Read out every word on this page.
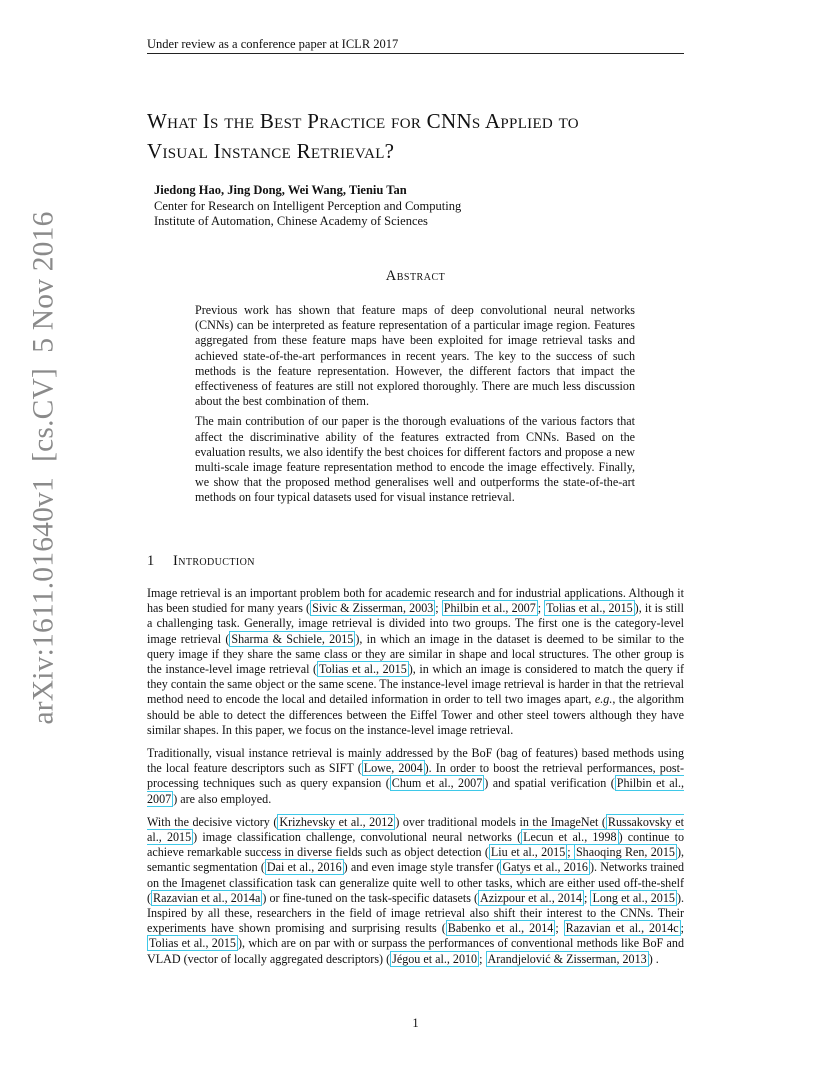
Under review as a conference paper at ICLR 2017
arXiv:1611.01640v1  [cs.CV]  5 Nov 2016
What Is the Best Practice for CNNs Applied to
Visual Instance Retrieval?
Jiedong Hao, Jing Dong, Wei Wang, Tieniu Tan
Center for Research on Intelligent Perception and Computing
Institute of Automation, Chinese Academy of Sciences
Abstract

Previous work has shown that feature maps of deep convolutional neural networks (CNNs) can be interpreted as feature representation of a particular image region. Features aggregated from these feature maps have been exploited for image retrieval tasks and achieved state-of-the-art performances in recent years. The key to the success of such methods is the feature representation. However, the different factors that impact the effectiveness of features are still not explored thoroughly. There are much less discussion about the best combination of them.

The main contribution of our paper is the thorough evaluations of the various factors that affect the discriminative ability of the features extracted from CNNs. Based on the evaluation results, we also identify the best choices for different factors and propose a new multi-scale image feature representation method to encode the image effectively. Finally, we show that the proposed method generalises well and outperforms the state-of-the-art methods on four typical datasets used for visual instance retrieval.

1 Introduction

Image retrieval is an important problem both for academic research and for industrial applications. Although it has been studied for many years ( Sivic & Zisserman, 2003 ; Philbin et al., 2007 ; Tolias et al., 2015 ), it is still a challenging task. Generally, image retrieval is divided into two groups. The first one is the category-level image retrieval ( Sharma & Schiele, 2015 ), in which an image in the dataset is deemed to be similar to the query image if they share the same class or they are similar in shape and local structures. The other group is the instance-level image retrieval ( Tolias et al., 2015 ), in which an image is considered to match the query if they contain the same object or the same scene. The instance-level image retrieval is harder in that the retrieval method need to encode the local and detailed information in order to tell two images apart, e.g., the algorithm should be able to detect the differences between the Eiffel Tower and other steel towers although they have similar shapes. In this paper, we focus on the instance-level image retrieval.

Traditionally, visual instance retrieval is mainly addressed by the BoF (bag of features) based methods using the local feature descriptors such as SIFT ( Lowe, 2004 ). In order to boost the retrieval performances, post-processing techniques such as query expansion ( Chum et al., 2007 ) and spatial verification ( Philbin et al., 2007 ) are also employed.

With the decisive victory ( Krizhevsky et al., 2012 ) over traditional models in the ImageNet ( Russakovsky et al., 2015 ) image classification challenge, convolutional neural networks ( Lecun et al., 1998 ) continue to achieve remarkable success in diverse fields such as object detection ( Liu et al., 2015 ; Shaoqing Ren, 2015 ), semantic segmentation ( Dai et al., 2016 ) and even image style transfer ( Gatys et al., 2016 ). Networks trained on the Imagenet classification task can generalize quite well to other tasks, which are either used off-the-shelf ( Razavian et al., 2014a ) or fine-tuned on the task-specific datasets ( Azizpour et al., 2014 ; Long et al., 2015 ). Inspired by all these, researchers in the field of image retrieval also shift their interest to the CNNs. Their experiments have shown promising and surprising results ( Babenko et al., 2014 ; Razavian et al., 2014c ; Tolias et al., 2015 ), which are on par with or surpass the performances of conventional methods like BoF and VLAD (vector of locally aggregated descriptors) ( Jégou et al., 2010 ; Arandjelović & Zisserman, 2013 ) .

1
